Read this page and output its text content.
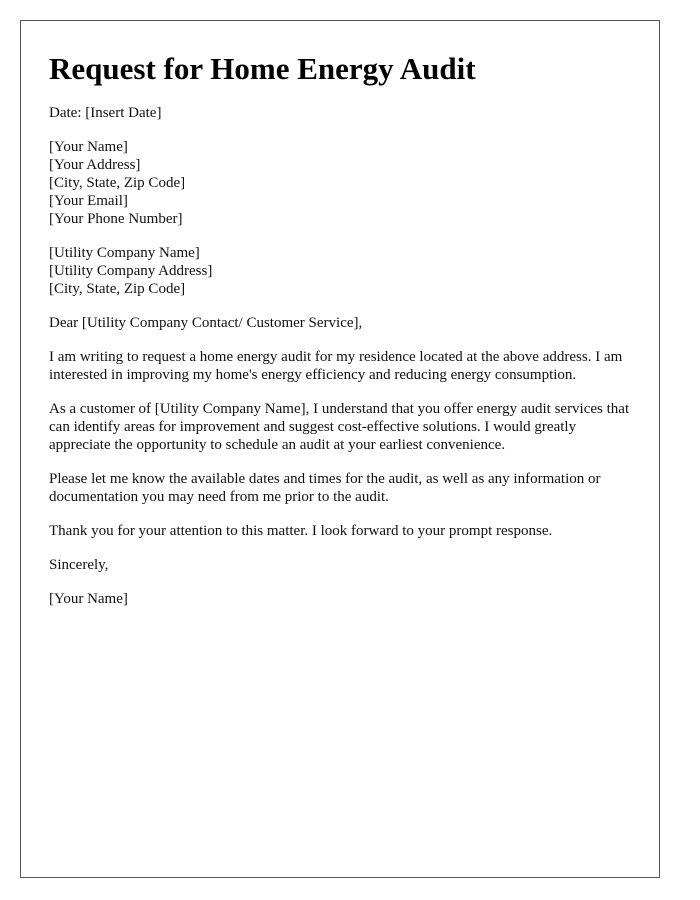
Request for Home Energy Audit

Date: [Insert Date]

[Your Name]
[Your Address]
[City, State, Zip Code]
[Your Email]
[Your Phone Number]
[Utility Company Name]
[Utility Company Address]
[City, State, Zip Code]

Dear [Utility Company Contact/ Customer Service],

I am writing to request a home energy audit for my residence located at the above address. I am interested in improving my home's energy efficiency and reducing energy consumption.

As a customer of [Utility Company Name], I understand that you offer energy audit services that can identify areas for improvement and suggest cost-effective solutions. I would greatly appreciate the opportunity to schedule an audit at your earliest convenience.

Please let me know the available dates and times for the audit, as well as any information or documentation you may need from me prior to the audit.

Thank you for your attention to this matter. I look forward to your prompt response.

Sincerely,

[Your Name]
